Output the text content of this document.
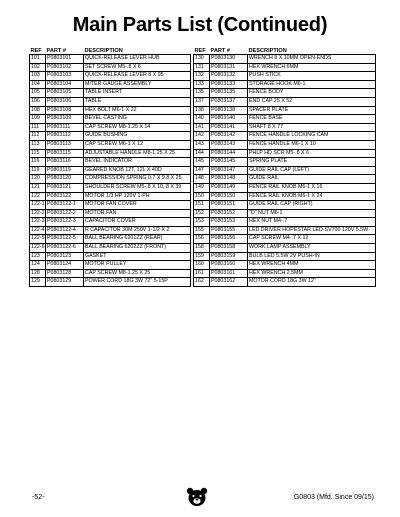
Main Parts List (Continued)
REF	PART #	DESCRIPTION
101	P0803101	QUICK-RELEASE LEVER HUB
102	P0803102	SET SCREW M5-.8 X 6
103	P0803103	QUICK-RELEASE LEVER 8 X 95
104	P0803104	MITER GAUGE ASSEMBLY
105	P0803105	TABLE INSERT
106	P0803106	TABLE
108	P0803108	HEX BOLT M6-1 X 22
109	P0803109	BEVEL CASTING
111	P0803111	CAP SCREW M8-1.25 X 14
112	P0803112	GUIDE BUSHING
113	P0803113	CAP SCREW M6-1 X 12
115	P0803115	ADJUSTABLE HANDLE M8-1.25 X 25
116	P0803116	BEVEL INDICATOR
119	P0803119	GEARED KNOB 12T, 12L X 40D
120	P0803120	COMPRESSION SPRING 0.7 X 9.8 X 25
121	P0803121	SHOULDER SCREW M5-.8 X 10, 8 X 39
122	P0803122	MOTOR 1/3 HP 120V 1-PH
122-1	P0803122-1	MOTOR FAN COVER
122-2	P0803122-2	MOTOR FAN
122-3	P0803122-3	CAPACITOR COVER
122-4	P0803122-4	R CAPACITOR 30M 250V 1-1/2 X 2
122-5	P0803122-5	BALL BEARING 6201ZZ (REAR)
122-6	P0803122-6	BALL BEARING 6202ZZ (FRONT)
123	P0803123	GASKET
124	P0803124	MOTOR PULLEY
128	P0803128	CAP SCREW M8-1.25 X 25
129	P0803129	POWER CORD 18G 3W 72" 5-15P
REF	PART #	DESCRIPTION
130	P0803130	WRENCH 8 X 10MM OPEN-ENDS
131	P0803131	HEX WRENCH 6MM
132	P0803132	PUSH STICK
133	P0803133	STORAGE HOOK M6-1
135	P0803135	FENCE BODY
137	P0803137	END CAP 25 X 52
138	P0803138	SPACER PLATE
140	P0803140	FENCE BASE
141	P0803141	SHAFT 8 X 77
142	P0803142	FENCE HANDLE LOCKING CAM
143	P0803143	FENCE HANDLE M6-1 X 10
144	P0803144	PHLP HD SCR M5-.8 X 6
145	P0803145	SPRING PLATE
147	P0803147	GUIDE RAIL CAP (LEFT)
148	P0803148	GUIDE RAIL
149	P0803149	FENCE RAIL KNOB M6-1 X 16
150	P0803150	FENCE RAIL KNOB M6-1 X 24
151	P0803151	GUIDE RAIL CAP (RIGHT)
152	P0803152	"D" NUT M6-1
153	P0803153	HEX NUT M4-.7
155	P0803155	LED DRIVER HOPESTAR LED-SV700 120V 5.5W
156	P0803156	CAP SCREW M4-.7 X 12
158	P0803158	WORK LAMP ASSEMBLY
159	P0803159	BULB LED 5.5W 2V PUSH-IN
160	P0803160	HEX WRENCH 4MM
161	P0803161	HEX WRENCH 2.5MM
162	P0803162	MOTOR CORD 18G 3W 12"
-52-	G0803 (Mfd. Since 09/15)
